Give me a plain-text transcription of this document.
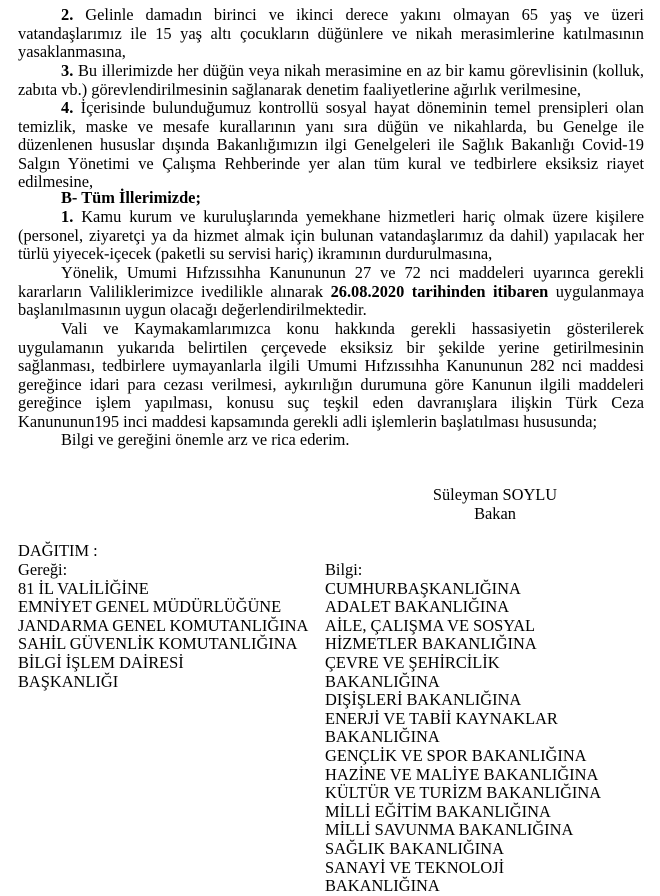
2. Gelinle damadın birinci ve ikinci derece yakını olmayan 65 yaş ve üzeri vatandaşlarımız ile 15 yaş altı çocukların düğünlere ve nikah merasimlerine katılmasının yasaklanmasına,

3. Bu illerimizde her düğün veya nikah merasimine en az bir kamu görevlisinin (kolluk, zabıta vb.) görevlendirilmesinin sağlanarak denetim faaliyetlerine ağırlık verilmesine,

4. İçerisinde bulunduğumuz kontrollü sosyal hayat döneminin temel prensipleri olan temizlik, maske ve mesafe kurallarının yanı sıra düğün ve nikahlarda, bu Genelge ile düzenlenen hususlar dışında Bakanlığımızın ilgi Genelgeleri ile Sağlık Bakanlığı Covid-19 Salgın Yönetimi ve Çalışma Rehberinde yer alan tüm kural ve tedbirlere eksiksiz riayet edilmesine,

B- Tüm İllerimizde;

1. Kamu kurum ve kuruluşlarında yemekhane hizmetleri hariç olmak üzere kişilere (personel, ziyaretçi ya da hizmet almak için bulunan vatandaşlarımız da dahil) yapılacak her türlü yiyecek-içecek (paketli su servisi hariç) ikramının durdurulmasına,

Yönelik, Umumi Hıfzıssıhha Kanununun 27 ve 72 nci maddeleri uyarınca gerekli kararların Valiliklerimizce ivedilikle alınarak 26.08.2020 tarihinden itibaren uygulanmaya başlanılmasının uygun olacağı değerlendirilmektedir.

Vali ve Kaymakamlarımızca konu hakkında gerekli hassasiyetin gösterilerek uygulamanın yukarıda belirtilen çerçevede eksiksiz bir şekilde yerine getirilmesinin sağlanması, tedbirlere uymayanlarla ilgili Umumi Hıfzıssıhha Kanununun 282 nci maddesi gereğince idari para cezası verilmesi, aykırılığın durumuna göre Kanunun ilgili maddeleri gereğince işlem yapılması, konusu suç teşkil eden davranışlara ilişkin Türk Ceza Kanununun195 inci maddesi kapsamında gerekli adli işlemlerin başlatılması hususunda;

Bilgi ve gereğini önemle arz ve rica ederim.

Süleyman SOYLU
Bakan
DAĞITIM :
Gereği:
81 İL VALİLİĞİNE
EMNİYET GENEL MÜDÜRLÜĞÜNE
JANDARMA GENEL KOMUTANLIĞINA
SAHİL GÜVENLİK KOMUTANLIĞINA
BİLGİ İŞLEM DAİRESİ
BAŞKANLIĞI
Bilgi:
CUMHURBAŞKANLIĞINA
ADALET BAKANLIĞINA
AİLE, ÇALIŞMA VE SOSYAL
HİZMETLER BAKANLIĞINA
ÇEVRE VE ŞEHİRCİLİK
BAKANLIĞINA
DIŞİŞLERİ BAKANLIĞINA
ENERJİ VE TABİİ KAYNAKLAR
BAKANLIĞINA
GENÇLİK VE SPOR BAKANLIĞINA
HAZİNE VE MALİYE BAKANLIĞINA
KÜLTÜR VE TURİZM BAKANLIĞINA
MİLLİ EĞİTİM BAKANLIĞINA
MİLLİ SAVUNMA BAKANLIĞINA
SAĞLIK BAKANLIĞINA
SANAYİ VE TEKNOLOJİ
BAKANLIĞINA
